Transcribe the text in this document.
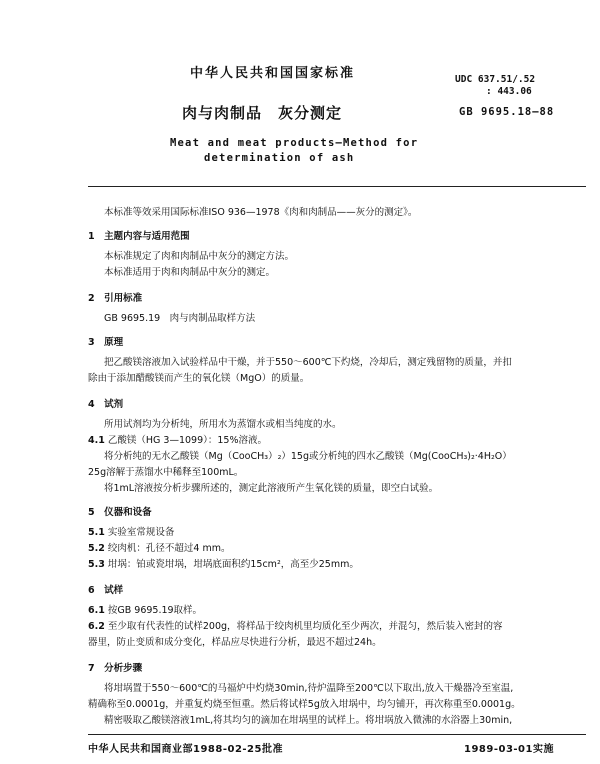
中华人民共和国国家标准	UDC 637.51/.52
: 443.06
肉与肉制品　灰分测定	GB 9695.18—88
Meat and meat products—Method for
determination of ash
本标准等效采用国际标准ISO 936—1978《肉和肉制品——灰分的测定》。
1　主题内容与适用范围
本标准规定了肉和肉制品中灰分的测定方法。
本标准适用于肉和肉制品中灰分的测定。
2　引用标准
GB 9695.19　肉与肉制品取样方法
3　原理
把乙酸镁溶液加入试验样品中干燥，并于550～600℃下灼烧，冷却后，测定残留物的质量，并扣
除由于添加醋酸镁而产生的氧化镁（MgO）的质量。
4　试剂
所用试剂均为分析纯，所用水为蒸馏水或相当纯度的水。
4.1 乙酸镁（HG 3—1099）：15%溶液。
将分析纯的无水乙酸镁（Mg（CooCH₃）₂）15g或分析纯的四水乙酸镁（Mg(CooCH₃)₂·4H₂O）
25g溶解于蒸馏水中稀释至100mL。
将1mL溶液按分析步骤所述的，测定此溶液所产生氧化镁的质量，即空白试验。
5　仪器和设备
5.1 实验室常规设备
5.2 绞肉机：孔径不超过4 mm。
5.3 坩埚：铂或瓷坩埚，坩埚底面积约15cm²，高至少25mm。
6　试样
6.1 按GB 9695.19取样。
6.2 至少取有代表性的试样200g，将样品于绞肉机里均质化至少两次，并混匀，然后装入密封的容
器里，防止变质和成分变化，样品应尽快进行分析，最迟不超过24h。
7　分析步骤
将坩埚置于550～600℃的马福炉中灼烧30min,待炉温降至200℃以下取出,放入干燥器冷至室温,
精确称至0.0001g，并重复灼烧至恒重。然后将试样5g放入坩埚中，均匀铺开，再次称重至0.0001g。
精密吸取乙酸镁溶液1mL,将其均匀的滴加在坩埚里的试样上。将坩埚放入微沸的水浴器上30min,
中华人民共和国商业部1988-02-25批准	1989-03-01实施
